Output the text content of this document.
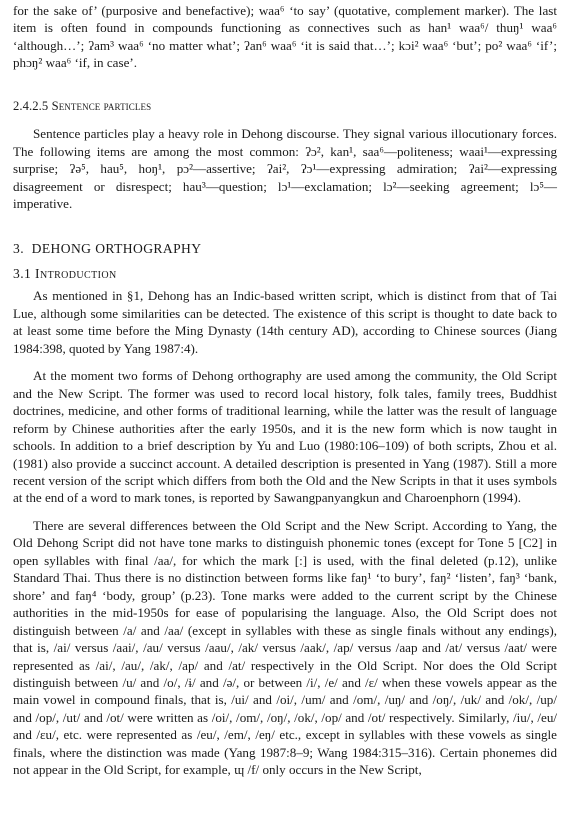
for the sake of’ (purposive and benefactive); waa⁶ ‘to say’ (quotative, complement marker). The last item is often found in compounds functioning as connectives such as han¹ waa⁶/ thuŋ¹ waa⁶ ‘although…’; ʔam³ waa⁶ ‘no matter what’; ʔan⁶ waa⁶ ‘it is said that…’; kɔi² waa⁶ ‘but’; po² waa⁶ ‘if’; phɔŋ² waa⁶ ‘if, in case’.

2.4.2.5 Sentence particles

Sentence particles play a heavy role in Dehong discourse. They signal various illocutionary forces. The following items are among the most common: ʔɔ², kan¹, saa⁶—politeness; waai¹—expressing surprise; ʔə⁵, hau⁵, hoŋ¹, pɔ²—assertive; ʔai², ʔɔ¹—expressing admiration; ʔai²—expressing disagreement or disrespect; hau³—question; lɔ¹—exclamation; lɔ²—seeking agreement; lɔ⁵—imperative.

3. DEHONG ORTHOGRAPHY
3.1 Introduction

As mentioned in §1, Dehong has an Indic-based written script, which is distinct from that of Tai Lue, although some similarities can be detected. The existence of this script is thought to date back to at least some time before the Ming Dynasty (14th century AD), according to Chinese sources (Jiang 1984:398, quoted by Yang 1987:4).

At the moment two forms of Dehong orthography are used among the community, the Old Script and the New Script. The former was used to record local history, folk tales, family trees, Buddhist doctrines, medicine, and other forms of traditional learning, while the latter was the result of language reform by Chinese authorities after the early 1950s, and it is the new form which is now taught in schools. In addition to a brief description by Yu and Luo (1980:106–109) of both scripts, Zhou et al. (1981) also provide a succinct account. A detailed description is presented in Yang (1987). Still a more recent version of the script which differs from both the Old and the New Scripts in that it uses symbols at the end of a word to mark tones, is reported by Sawangpanyangkun and Charoenphorn (1994).

There are several differences between the Old Script and the New Script. According to Yang, the Old Dehong Script did not have tone marks to distinguish phonemic tones (except for Tone 5 [C2] in open syllables with final /aa/, for which the mark [:] is used, with the final deleted (p.12), unlike Standard Thai. Thus there is no distinction between forms like faŋ¹ ‘to bury’, faŋ² ‘listen’, faŋ³ ‘bank, shore’ and faŋ⁴ ‘body, group’ (p.23). Tone marks were added to the current script by the Chinese authorities in the mid-1950s for ease of popularising the language. Also, the Old Script does not distinguish between /a/ and /aa/ (except in syllables with these as single finals without any endings), that is, /ai/ versus /aai/, /au/ versus /aau/, /ak/ versus /aak/, /ap/ versus /aap and /at/ versus /aat/ were represented as /ai/, /au/, /ak/, /ap/ and /at/ respectively in the Old Script. Nor does the Old Script distinguish between /u/ and /o/, /ɨ/ and /ə/, or between /i/, /e/ and /ɛ/ when these vowels appear as the main vowel in compound finals, that is, /ui/ and /oi/, /um/ and /om/, /uŋ/ and /oŋ/, /uk/ and /ok/, /up/ and /op/, /ut/ and /ot/ were written as /oi/, /om/, /oŋ/, /ok/, /op/ and /ot/ respectively. Similarly, /iu/, /eu/ and /ɛu/, etc. were represented as /eu/, /em/, /eŋ/ etc., except in syllables with these vowels as single finals, where the distinction was made (Yang 1987:8–9; Wang 1984:315–316). Certain phonemes did not appear in the Old Script, for example, ɰ /f/ only occurs in the New Script,
